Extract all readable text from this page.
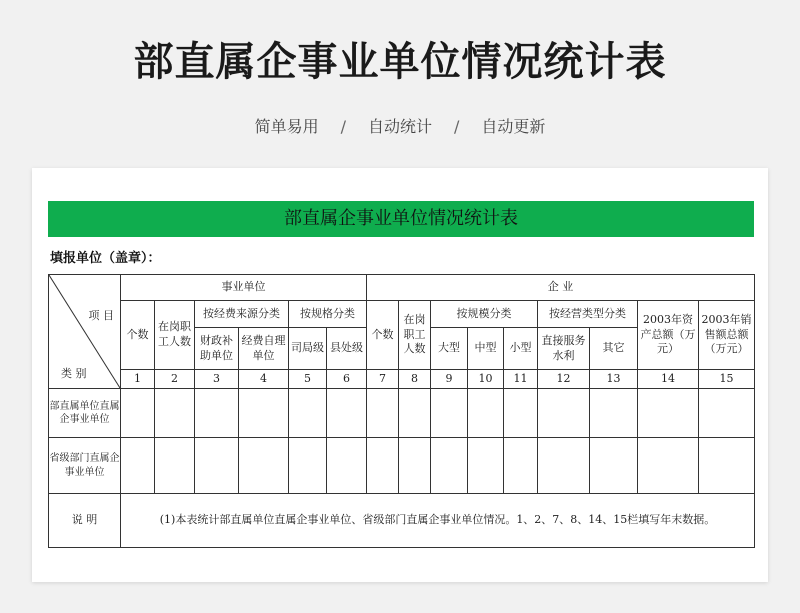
部直属企事业单位情况统计表
简单易用 / 自动统计 / 自动更新
部直属企事业单位情况统计表
填报单位（盖章）：
项 目
类 别	事业单位						企 业								
	个数	在岗职工人数	按经费来源分类		按规格分类		个数	在岗职工人数	按规模分类			按经营类型分类		2003年资产总额（万元）	2003年销售额总额（万元）
			财政补助单位	经费自理单位	司局级	县处级			大型	中型	小型	直接服务水利	其它		
	1	2	3	4	5	6	7	8	9	10	11	12	13	14	15
部直属单位直属企事业单位															
省级部门直属企事业单位															
说 明	(1)本表统计部直属单位直属企事业单位、省级部门直属企事业单位情况。1、2、7、8、14、15栏填写年末数据。														
